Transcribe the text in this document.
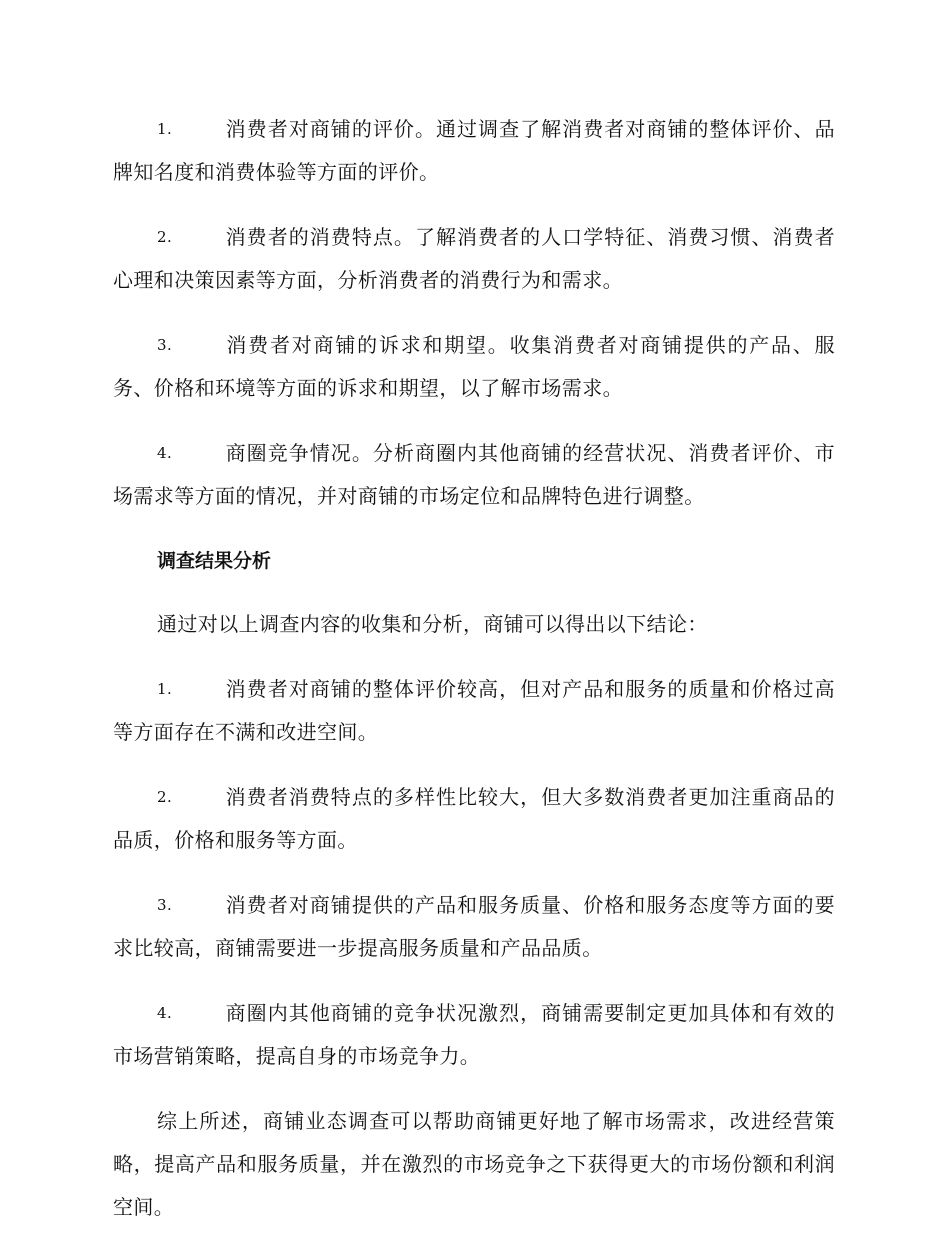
1.	消费者对商铺的评价。通过调查了解消费者对商铺的整体评价、品牌知名度和消费体验等方面的评价。

2.	消费者的消费特点。了解消费者的人口学特征、消费习惯、消费者心理和决策因素等方面，分析消费者的消费行为和需求。

3.	消费者对商铺的诉求和期望。收集消费者对商铺提供的产品、服务、价格和环境等方面的诉求和期望，以了解市场需求。

4.	商圈竞争情况。分析商圈内其他商铺的经营状况、消费者评价、市场需求等方面的情况，并对商铺的市场定位和品牌特色进行调整。

调查结果分析

通过对以上调查内容的收集和分析，商铺可以得出以下结论：

1.	消费者对商铺的整体评价较高，但对产品和服务的质量和价格过高等方面存在不满和改进空间。

2.	消费者消费特点的多样性比较大，但大多数消费者更加注重商品的品质，价格和服务等方面。

3.	消费者对商铺提供的产品和服务质量、价格和服务态度等方面的要求比较高，商铺需要进一步提高服务质量和产品品质。

4.	商圈内其他商铺的竞争状况激烈，商铺需要制定更加具体和有效的市场营销策略，提高自身的市场竞争力。

综上所述，商铺业态调查可以帮助商铺更好地了解市场需求，改进经营策略，提高产品和服务质量，并在激烈的市场竞争之下获得更大的市场份额和利润空间。
